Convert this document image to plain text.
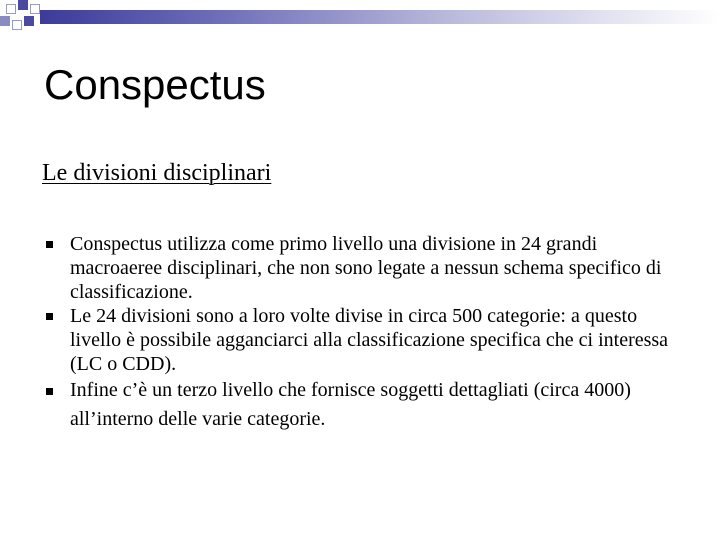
Conspectus
Le divisioni disciplinari
Conspectus utilizza come primo livello una divisione in 24 grandi macroaeree disciplinari, che non sono legate a nessun schema specifico di classificazione.
Le 24 divisioni sono a loro volte divise in circa 500 categorie: a questo livello è possibile agganciarci alla classificazione specifica che ci interessa (LC o CDD).
Infine c’è un terzo livello che fornisce soggetti dettagliati (circa 4000) all’interno delle varie categorie.
